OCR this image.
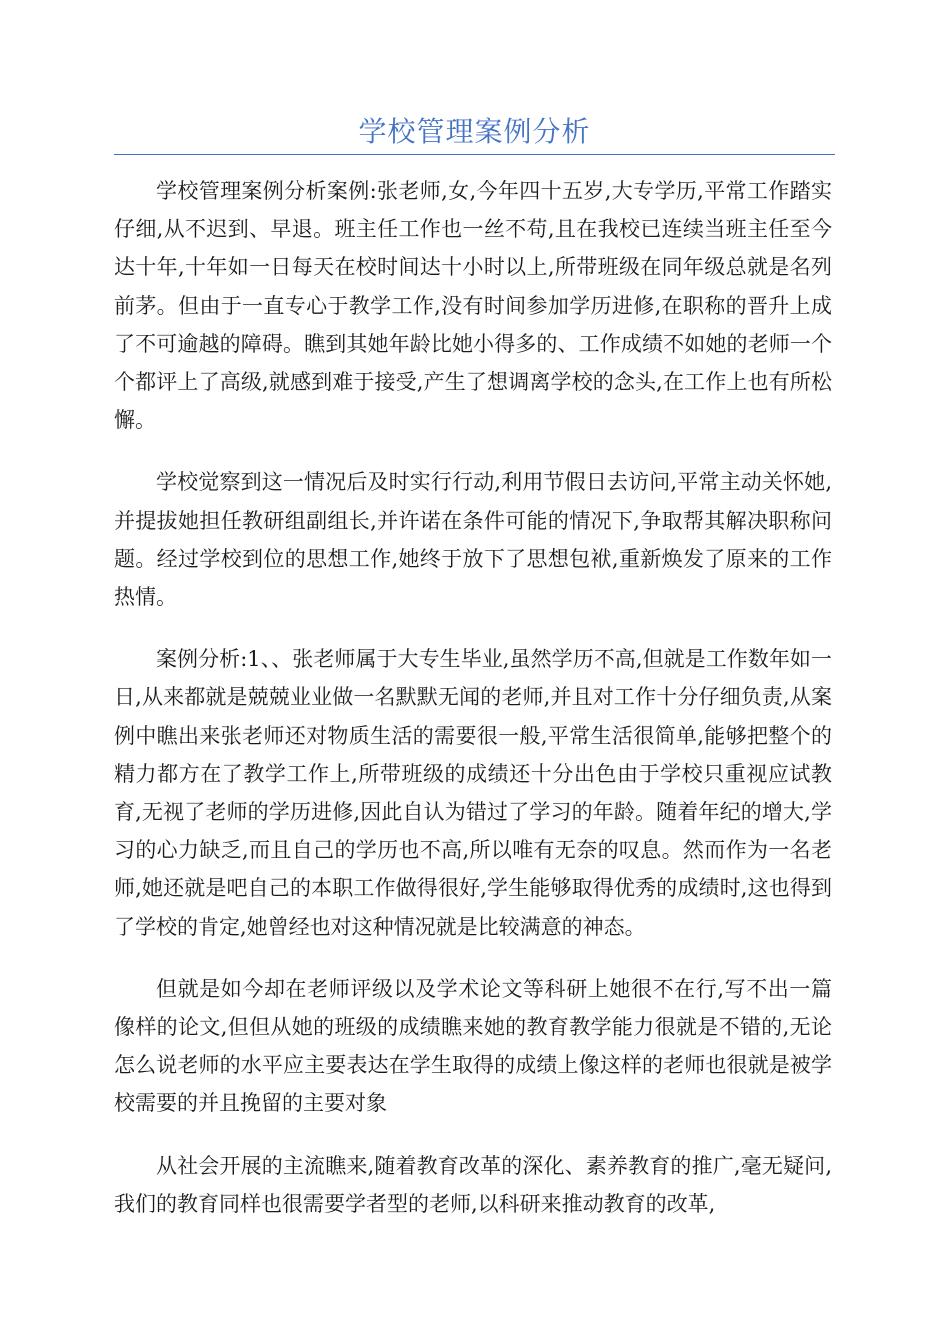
学校管理案例分析

学校管理案例分析案例:张老师,女,今年四十五岁,大专学历,平常工作踏实仔细,从不迟到、早退。班主任工作也一丝不苟,且在我校已连续当班主任至今达十年,十年如一日每天在校时间达十小时以上,所带班级在同年级总就是名列前茅。但由于一直专心于教学工作,没有时间参加学历进修,在职称的晋升上成了不可逾越的障碍。瞧到其她年龄比她小得多的、工作成绩不如她的老师一个个都评上了高级,就感到难于接受,产生了想调离学校的念头,在工作上也有所松懈。

学校觉察到这一情况后及时实行行动,利用节假日去访问,平常主动关怀她,并提拔她担任教研组副组长,并许诺在条件可能的情况下,争取帮其解决职称问题。经过学校到位的思想工作,她终于放下了思想包袱,重新焕发了原来的工作热情。

案例分析:1、、张老师属于大专生毕业,虽然学历不高,但就是工作数年如一日,从来都就是兢兢业业做一名默默无闻的老师,并且对工作十分仔细负责,从案例中瞧出来张老师还对物质生活的需要很一般,平常生活很简单,能够把整个的精力都方在了教学工作上,所带班级的成绩还十分出色由于学校只重视应试教育,无视了老师的学历进修,因此自认为错过了学习的年龄。随着年纪的增大,学习的心力缺乏,而且自己的学历也不高,所以唯有无奈的叹息。然而作为一名老师,她还就是吧自己的本职工作做得很好,学生能够取得优秀的成绩时,这也得到了学校的肯定,她曾经也对这种情况就是比较满意的神态。

但就是如今却在老师评级以及学术论文等科研上她很不在行,写不出一篇像样的论文,但但从她的班级的成绩瞧来她的教育教学能力很就是不错的,无论怎么说老师的水平应主要表达在学生取得的成绩上像这样的老师也很就是被学校需要的并且挽留的主要对象

从社会开展的主流瞧来,随着教育改革的深化、素养教育的推广,毫无疑问,我们的教育同样也很需要学者型的老师,以科研来推动教育的改革,
